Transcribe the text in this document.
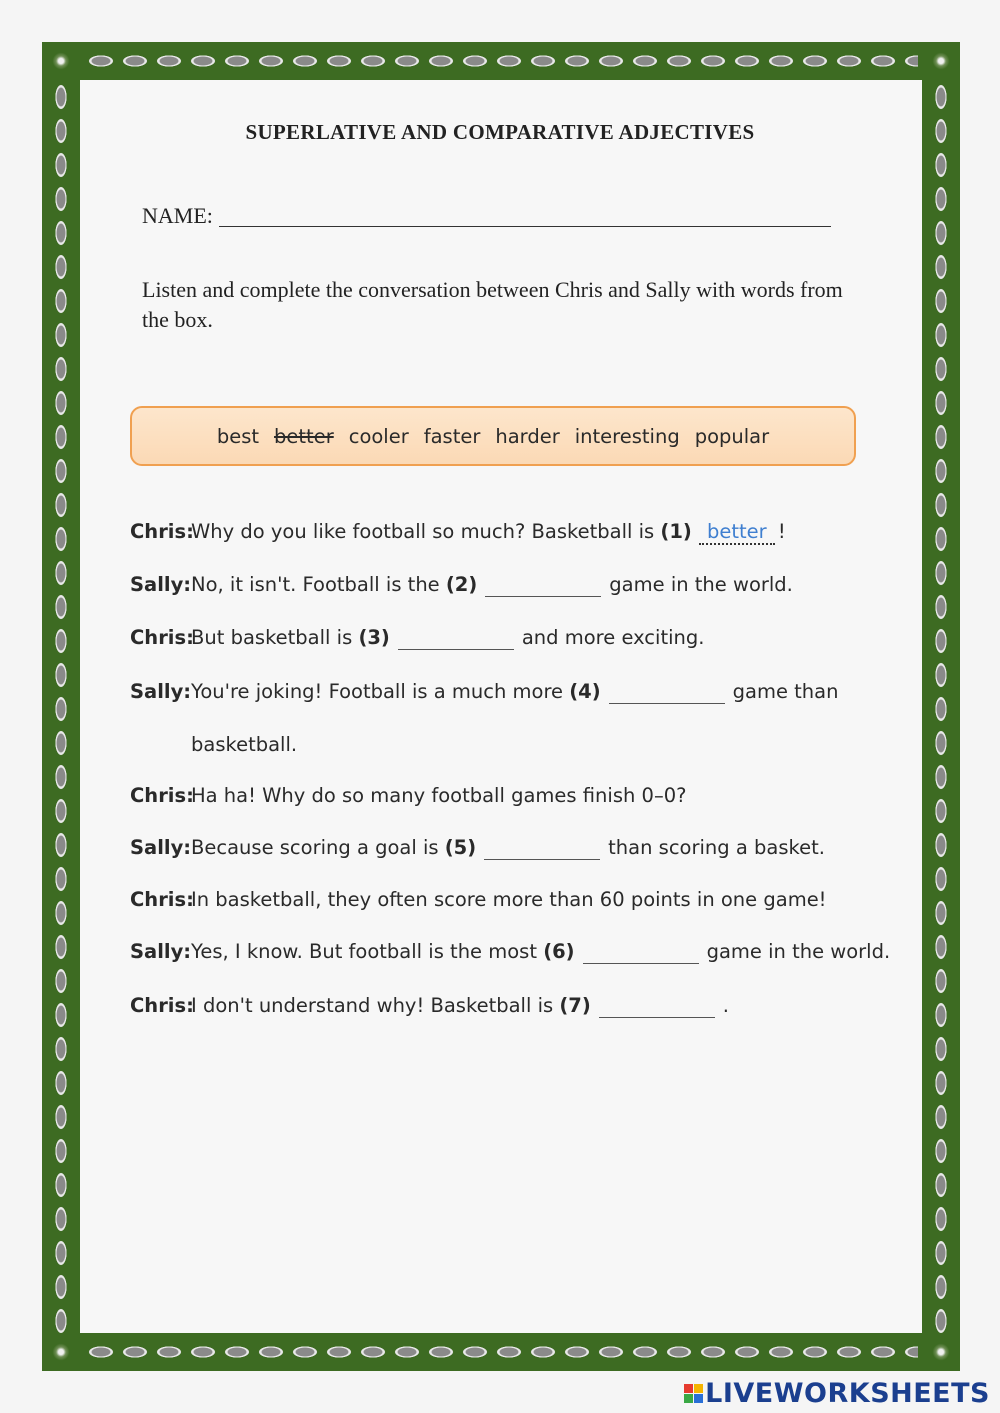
SUPERLATIVE AND COMPARATIVE ADJECTIVES
NAME:
Listen and complete the conversation between Chris and Sally with words from the box.
best better cooler faster harder interesting popular
Chris:Why do you like football so much? Basketball is (1) better !
Sally:No, it isn't. Football is the (2)	game in the world.
Chris:But basketball is (3)	and more exciting.
Sally:You're joking! Football is a much more (4)	game than
basketball.
Chris:Ha ha! Why do so many football games finish 0–0?
Sally:Because scoring a goal is (5)	than scoring a basket.
Chris:In basketball, they often score more than 60 points in one game!
Sally:Yes, I know. But football is the most (6)	game in the world.
Chris:I don't understand why! Basketball is (7)	.
LIVEWORKSHEETS
